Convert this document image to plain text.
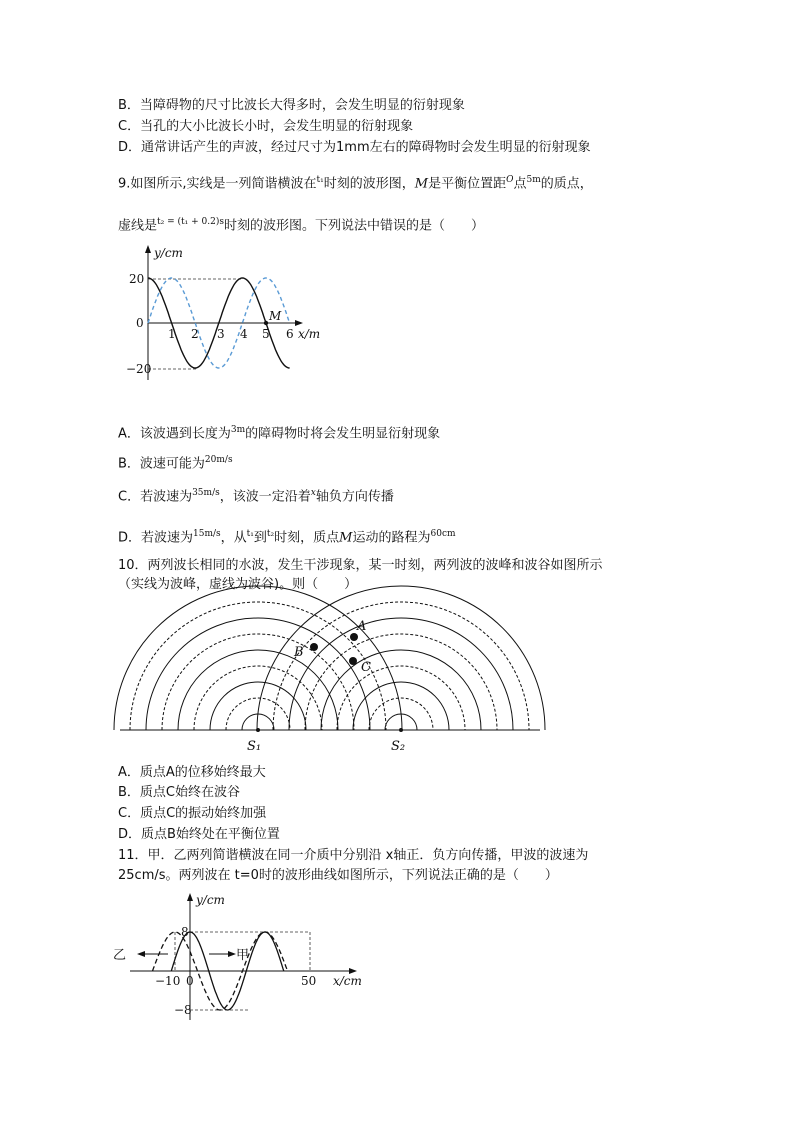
B．当障碍物的尺寸比波长大得多时，会发生明显的衍射现象
C．当孔的大小比波长小时，会发生明显的衍射现象
D．通常讲话产生的声波，经过尺寸为1mm左右的障碍物时会发生明显的衍射现象
9.如图所示,实线是一列简谐横波在$^{t_1}$时刻的波形图，M是平衡位置距$^O$点$^{5m}$的质点，
虚线是$^{t_2 = (t_1 + 0.2)s}$时刻的波形图。下列说法中错误的是（　　）
y/cm
20
0
−20
1 2 3 4 5 6 x/m
M
A．该波遇到长度为$^{3m}$的障碍物时将会发生明显衍射现象
B．波速可能为$^{20m/s}$
C．若波速为$^{35m/s}$，该波一定沿着$^x$轴负方向传播
D．若波速为$^{15m/s}$，从$^{t_1}$到$^{t_2}$时刻，质点M运动的路程为$^{60cm}$
10．两列波长相同的水波，发生干涉现象，某一时刻，两列波的波峰和波谷如图所示
（实线为波峰，虚线为波谷)。则（　　）
A
B
C
S₁	S₂
A．质点A的位移始终最大
B．质点C始终在波谷
C．质点C的振动始终加强
D．质点B始终处在平衡位置
11．甲．乙两列简谐横波在同一介质中分别沿 x轴正．负方向传播，甲波的波速为
25cm/s。两列波在 t=0时的波形曲线如图所示，下列说法正确的是（　　）
乙	甲
y/cm
8
−8
−10 0	50 x/cm
